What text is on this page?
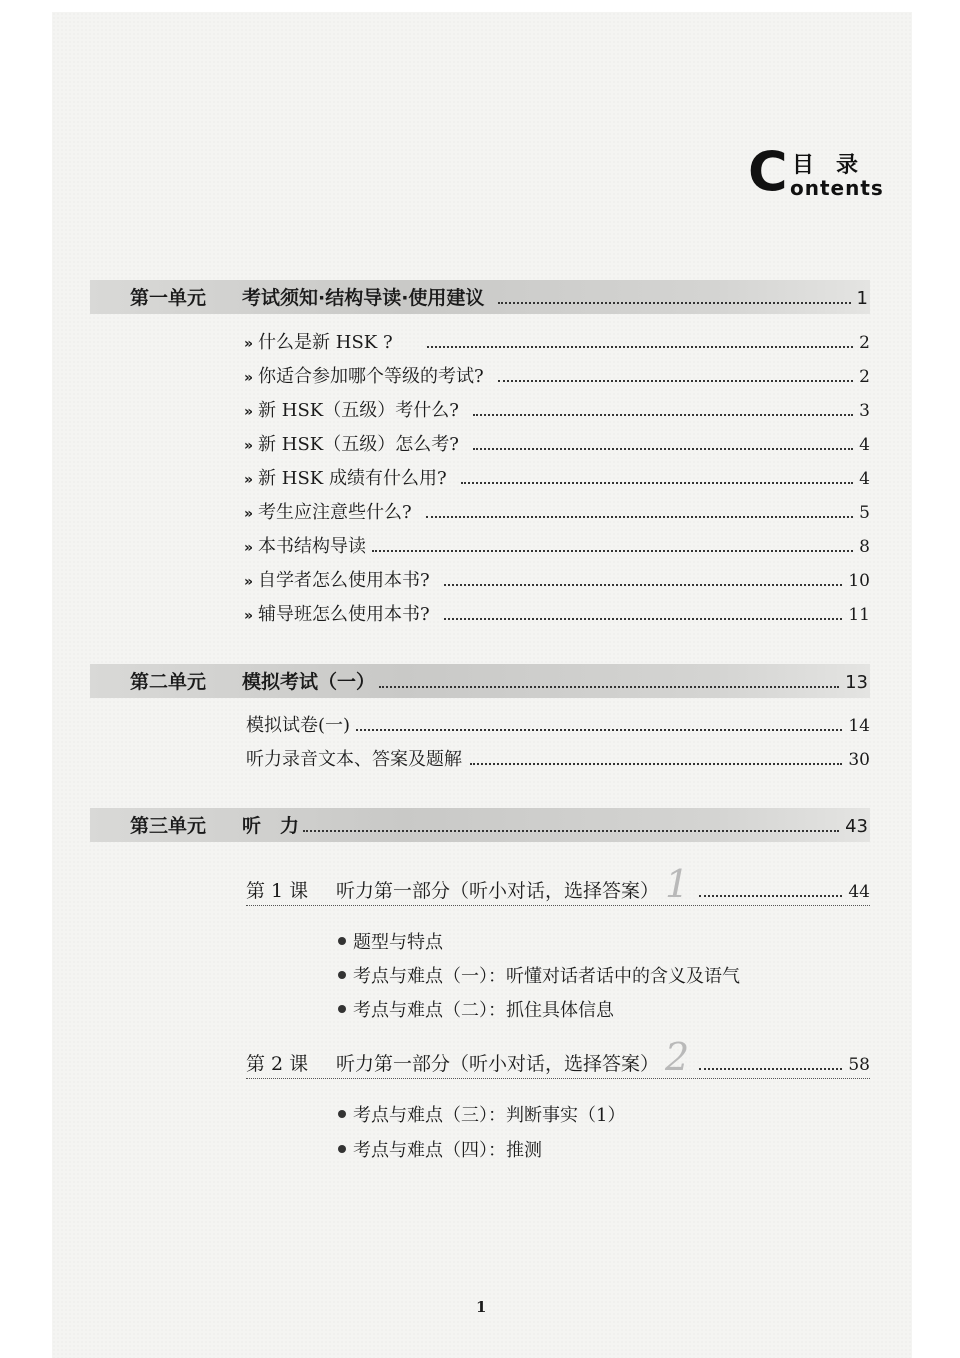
C 目录
ontents
第一单元	考试须知·结构导读·使用建议	1
» 什么是新 HSK ?	2
» 你适合参加哪个等级的考试?	2
» 新 HSK（五级）考什么?	3
» 新 HSK（五级）怎么考?	4
» 新 HSK 成绩有什么用?	4
» 考生应注意些什么?	5
» 本书结构导读	8
» 自学者怎么使用本书?	10
» 辅导班怎么使用本书?	11
第二单元	模拟考试（一）	13
模拟试卷(一)	14
听力录音文本、答案及题解	30
第三单元	听　力	43
第 1 课	听力第一部分（听小对话，选择答案） 1	44
题型与特点
考点与难点（一）：听懂对话者话中的含义及语气
考点与难点（二）：抓住具体信息
第 2 课	听力第一部分（听小对话，选择答案） 2	58
考点与难点（三）：判断事实（1）
考点与难点（四）：推测
1
